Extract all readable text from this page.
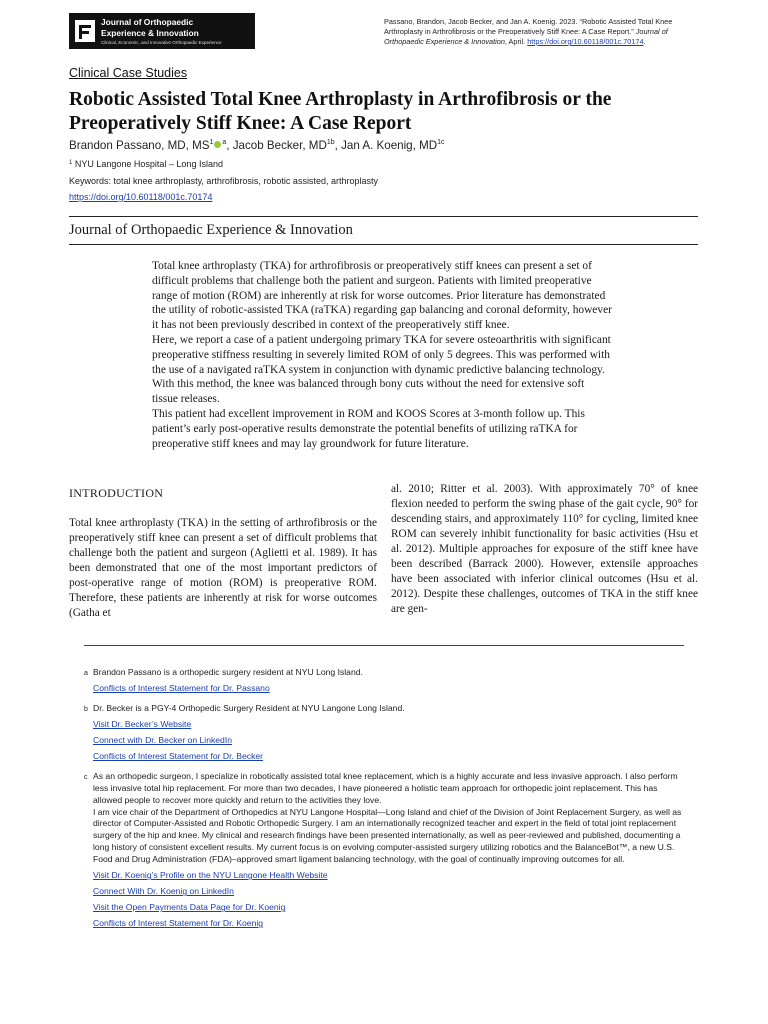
Journal of Orthopaedic
Experience & Innovation
Clinical, Economic, and Innovative Orthopaedic Experience
Passano, Brandon, Jacob Becker, and Jan A. Koenig. 2023. “Robotic Assisted Total Knee Arthroplasty in Arthrofibrosis or the Preoperatively Stiff Knee: A Case Report.” Journal of Orthopaedic Experience & Innovation, April. https://doi.org/10.60118/001c.70174.
Clinical Case Studies
Robotic Assisted Total Knee Arthroplasty in Arthrofibrosis or the Preoperatively Stiff Knee: A Case Report
Brandon Passano, MD, $MS^1$ $^a$, Jacob Becker, $MD^{1b}$, Jan A. Koenig, $MD^{1c}$
$^1$ NYU Langone Hospital – Long Island
Keywords: total knee arthroplasty, arthrofibrosis, robotic assisted, arthroplasty
https://doi.org/10.60118/001c.70174
Journal of Orthopaedic Experience & Innovation

Total knee arthroplasty (TKA) for arthrofibrosis or preoperatively stiff knees can present a set of difficult problems that challenge both the patient and surgeon. Patients with limited preoperative range of motion (ROM) are inherently at risk for worse outcomes. Prior literature has demonstrated the utility of robotic-assisted TKA (raTKA) regarding gap balancing and coronal deformity, however it has not been previously described in context of the preoperatively stiff knee.

Here, we report a case of a patient undergoing primary TKA for severe osteoarthritis with significant preoperative stiffness resulting in severely limited ROM of only 5 degrees. This was performed with the use of a navigated raTKA system in conjunction with dynamic predictive balancing technology. With this method, the knee was balanced through bony cuts without the need for extensive soft tissue releases.

This patient had excellent improvement in ROM and KOOS Scores at 3-month follow up. This patient’s early post-operative results demonstrate the potential benefits of utilizing raTKA for preoperative stiff knees and may lay groundwork for future literature.

INTRODUCTION
Total knee arthroplasty (TKA) in the setting of arthrofibrosis or the preoperatively stiff knee can present a set of difficult problems that challenge both the patient and surgeon (Aglietti et al. 1989). It has been demonstrated that one of the most important predictors of post-operative range of motion (ROM) is preoperative ROM. Therefore, these patients are inherently at risk for worse outcomes (Gatha et
al. 2010; Ritter et al. 2003). With approximately 70° of knee flexion needed to perform the swing phase of the gait cycle, 90° for descending stairs, and approximately 110° for cycling, limited knee ROM can severely inhibit functionality for basic activities (Hsu et al. 2012). Multiple approaches for exposure of the stiff knee have been described (Barrack 2000). However, extensile approaches have been associated with inferior clinical outcomes (Hsu et al. 2012). Despite these challenges, outcomes of TKA in the stiff knee are gen-
a Brandon Passano is a orthopedic surgery resident at NYU Long Island.
Conflicts of Interest Statement for Dr. Passano
b Dr. Becker is a PGY-4 Orthopedic Surgery Resident at NYU Langone Long Island.
Visit Dr. Becker’s Website
Connect with Dr. Becker on LinkedIn
Conflicts of Interest Statement for Dr. Becker
c As an orthopedic surgeon, I specialize in robotically assisted total knee replacement, which is a highly accurate and less invasive approach. I also perform less invasive total hip replacement. For more than two decades, I have pioneered a holistic team approach for orthopedic joint replacement. This has allowed people to recover more quickly and return to the activities they love.
I am vice chair of the Department of Orthopedics at NYU Langone Hospital—Long Island and chief of the Division of Joint Replacement Surgery, as well as director of Computer-Assisted and Robotic Orthopedic Surgery. I am an internationally recognized teacher and expert in the field of total joint replacement surgery of the hip and knee. My clinical and research findings have been presented internationally, as well as peer-reviewed and published, documenting a long history of consistent excellent results. My current focus is on evolving computer-assisted surgery utilizing robotics and the BalanceBot™, a new U.S. Food and Drug Administration (FDA)–approved smart ligament balancing technology, with the goal of continually improving outcomes for all.
Visit Dr. Koenig’s Profile on the NYU Langone Health Website
Connect With Dr. Koenig on LinkedIn
Visit the Open Payments Data Page for Dr. Koenig
Conflicts of Interest Statement for Dr. Koenig
